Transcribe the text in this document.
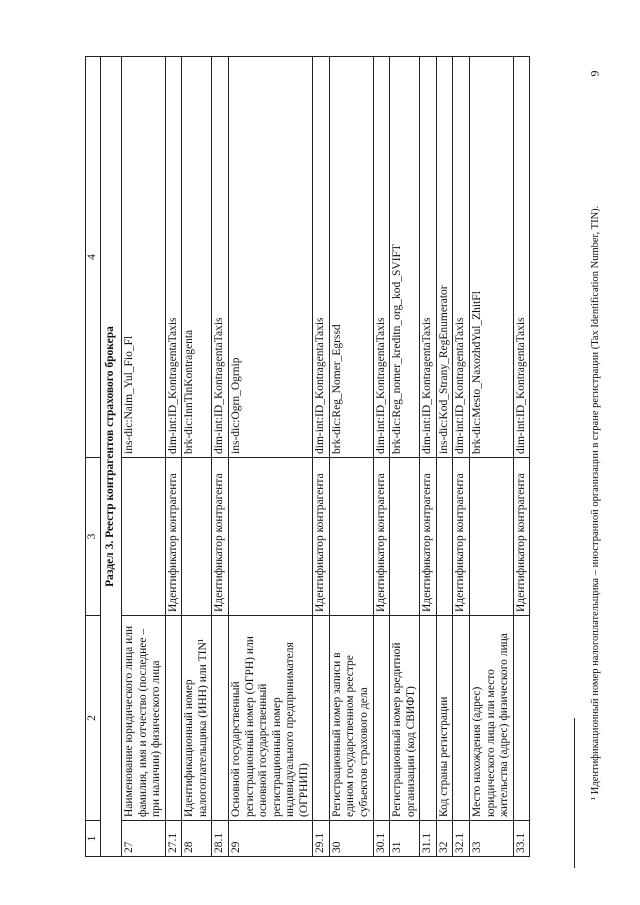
1	2	3	4
Раздел 3. Реестр контрагентов страхового брокера			
27	Наименование юридического лица или фамилия, имя и отчество (последнее – при наличии) физического лица		ins-dic:Naim_Yul_Fio_Fl
27.1		Идентификатор контрагента	dim-int:ID_KontragentaTaxis
28	Идентификационный номер налогоплательщика (ИНН) или TIN¹		brk-dic:InnTinKontragenta
28.1		Идентификатор контрагента	dim-int:ID_KontragentaTaxis
29	Основной государственный регистрационный номер (ОГРН) или основной государственный регистрационный номер индивидуального предпринимателя (ОГРНИП)		ins-dic:Ogrn_Ogrnip
29.1		Идентификатор контрагента	dim-int:ID_KontragentaTaxis
30	Регистрационный номер записи в едином государственном реестре субъектов страхового дела		brk-dic:Reg_Nomer_Egrssd
30.1		Идентификатор контрагента	dim-int:ID_KontragentaTaxis
31	Регистрационный номер кредитной организации (код СВИФТ)		brk-dic:Reg_nomer_kreditn_org_kod_SVIFT
31.1		Идентификатор контрагента	dim-int:ID_KontragentaTaxis
32	Код страны регистрации		ins-dic:Kod_Strany_RegEnumerator
32.1		Идентификатор контрагента	dim-int:ID_KontragentaTaxis
33	Место нахождения (адрес) юридического лица или место жительства (адрес) физического лица		brk-dic:Mesto_NaxozhdYul_ZhitFl
33.1		Идентификатор контрагента	dim-int:ID_KontragentaTaxis	¹ Идентификационный номер налогоплательщика – иностранной организации в стране регистрации (Tax Identification Number, TIN).
9
